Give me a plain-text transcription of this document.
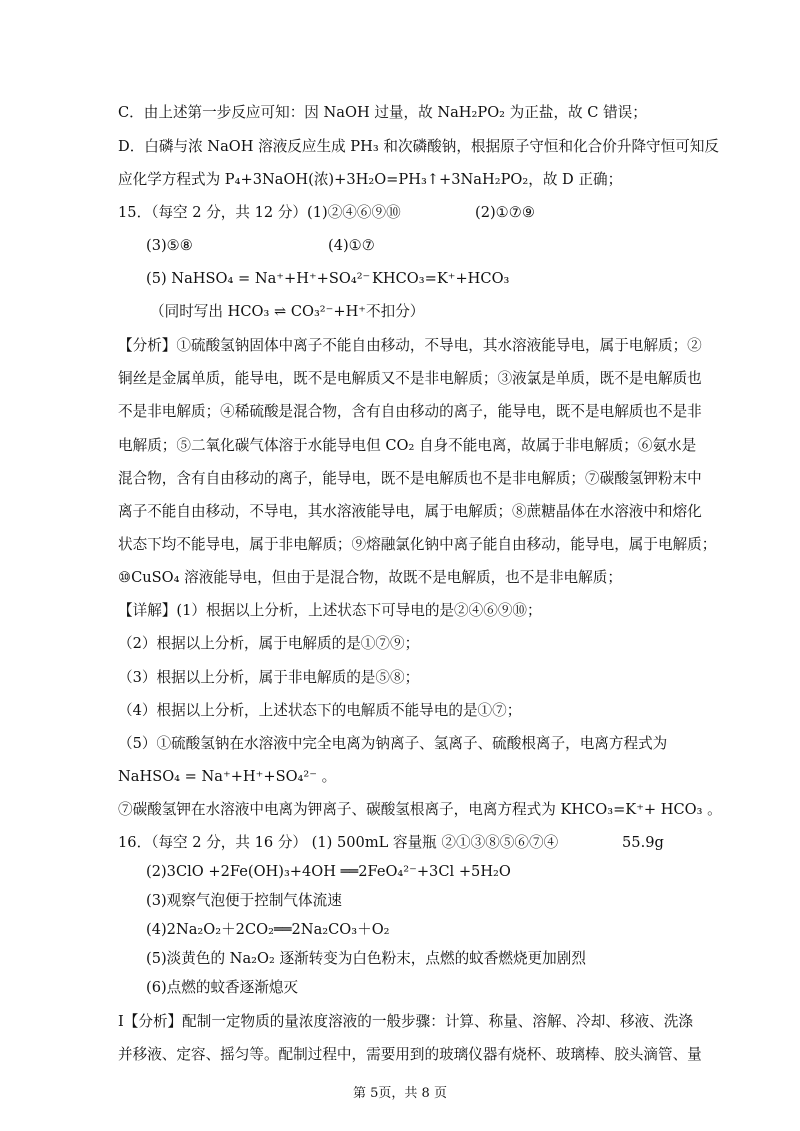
C．由上述第一步反应可知：因 NaOH 过量，故 NaH₂PO₂ 为正盐，故 C 错误；
D．白磷与浓 NaOH 溶液反应生成 PH₃ 和次磷酸钠，根据原子守恒和化合价升降守恒可知反
应化学方程式为 P₄+3NaOH(浓)+3H₂O=PH₃↑+3NaH₂PO₂，故 D 正确；
15．（每空 2 分，共 12 分）(1)②④⑥⑨⑩	(2)①⑦⑨
(3)⑤⑧	(4)①⑦
(5) NaHSO₄ = Na⁺+H⁺+SO₄²⁻ KHCO₃=K⁺+HCO₃
（同时写出 HCO₃ ⇌ CO₃²⁻+H⁺不扣分）
【分析】①硫酸氢钠固体中离子不能自由移动，不导电，其水溶液能导电，属于电解质；②
铜丝是金属单质，能导电，既不是电解质又不是非电解质；③液氯是单质，既不是电解质也
不是非电解质；④稀硫酸是混合物，含有自由移动的离子，能导电，既不是电解质也不是非
电解质；⑤二氧化碳气体溶于水能导电但 CO₂ 自身不能电离，故属于非电解质；⑥氨水是
混合物，含有自由移动的离子，能导电，既不是电解质也不是非电解质；⑦碳酸氢钾粉末中
离子不能自由移动，不导电，其水溶液能导电，属于电解质；⑧蔗糖晶体在水溶液中和熔化
状态下均不能导电，属于非电解质；⑨熔融氯化钠中离子能自由移动，能导电，属于电解质；
⑩CuSO₄ 溶液能导电，但由于是混合物，故既不是电解质，也不是非电解质；
【详解】(1）根据以上分析，上述状态下可导电的是②④⑥⑨⑩；
（2）根据以上分析，属于电解质的是①⑦⑨；
（3）根据以上分析，属于非电解质的是⑤⑧；
（4）根据以上分析，上述状态下的电解质不能导电的是①⑦；
（5）①硫酸氢钠在水溶液中完全电离为钠离子、氢离子、硫酸根离子，电离方程式为
NaHSO₄ = Na⁺+H⁺+SO₄²⁻ 。
⑦碳酸氢钾在水溶液中电离为钾离子、碳酸氢根离子，电离方程式为 KHCO₃=K⁺+ HCO₃ 。
16．（每空 2 分，共 16 分） (1) 500mL 容量瓶 ②①③⑧⑤⑥⑦④	55.9g
(2)3ClO +2Fe(OH)₃+4OH ══2FeO₄²⁻+3Cl +5H₂O
(3)观察气泡便于控制气体流速
(4)2Na₂O₂＋2CO₂══2Na₂CO₃＋O₂
(5)淡黄色的 Na₂O₂ 逐渐转变为白色粉末，点燃的蚊香燃烧更加剧烈
(6)点燃的蚊香逐渐熄灭
Ⅰ【分析】配制一定物质的量浓度溶液的一般步骤：计算、称量、溶解、冷却、移液、洗涤
并移液、定容、摇匀等。配制过程中，需要用到的玻璃仪器有烧杯、玻璃棒、胶头滴管、量
第 5页，共 8 页
